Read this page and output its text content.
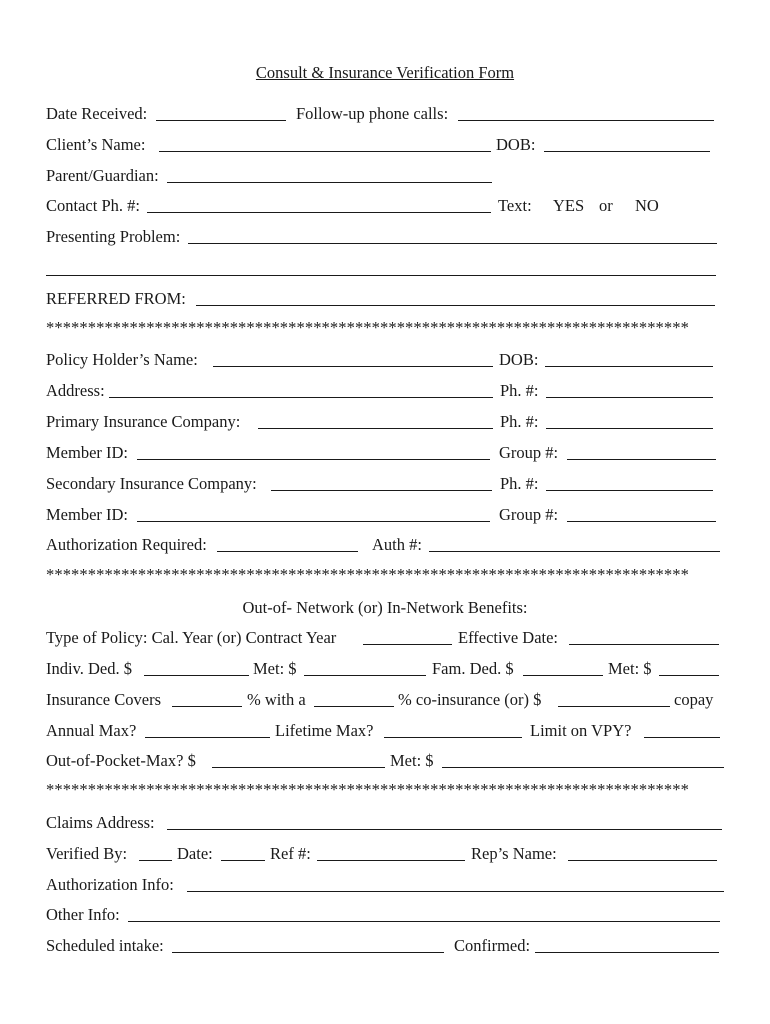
Consult & Insurance Verification Form
Date Received:	Follow-up phone calls:
Client’s Name:	DOB:
Parent/Guardian:
Contact Ph. #:	Text: YES or NO
Presenting Problem:
REFERRED FROM:
*****************************************************************************
Policy Holder’s Name:	DOB:
Address:	Ph. #:
Primary Insurance Company:	Ph. #:
Member ID:	Group #:
Secondary Insurance Company:	Ph. #:
Member ID:	Group #:
Authorization Required:	Auth #:
*****************************************************************************
Out-of- Network (or) In-Network Benefits:
Type of Policy: Cal. Year (or) Contract Year	Effective Date:
Indiv. Ded. $	Met: $	Fam. Ded. $	Met: $
Insurance Covers	% with a	% co-insurance (or) $	copay
Annual Max?	Lifetime Max?	Limit on VPY?
Out-of-Pocket-Max? $	Met: $
*****************************************************************************
Claims Address:
Verified By:	Date:	Ref #:	Rep’s Name:
Authorization Info:
Other Info:
Scheduled intake:	Confirmed:
